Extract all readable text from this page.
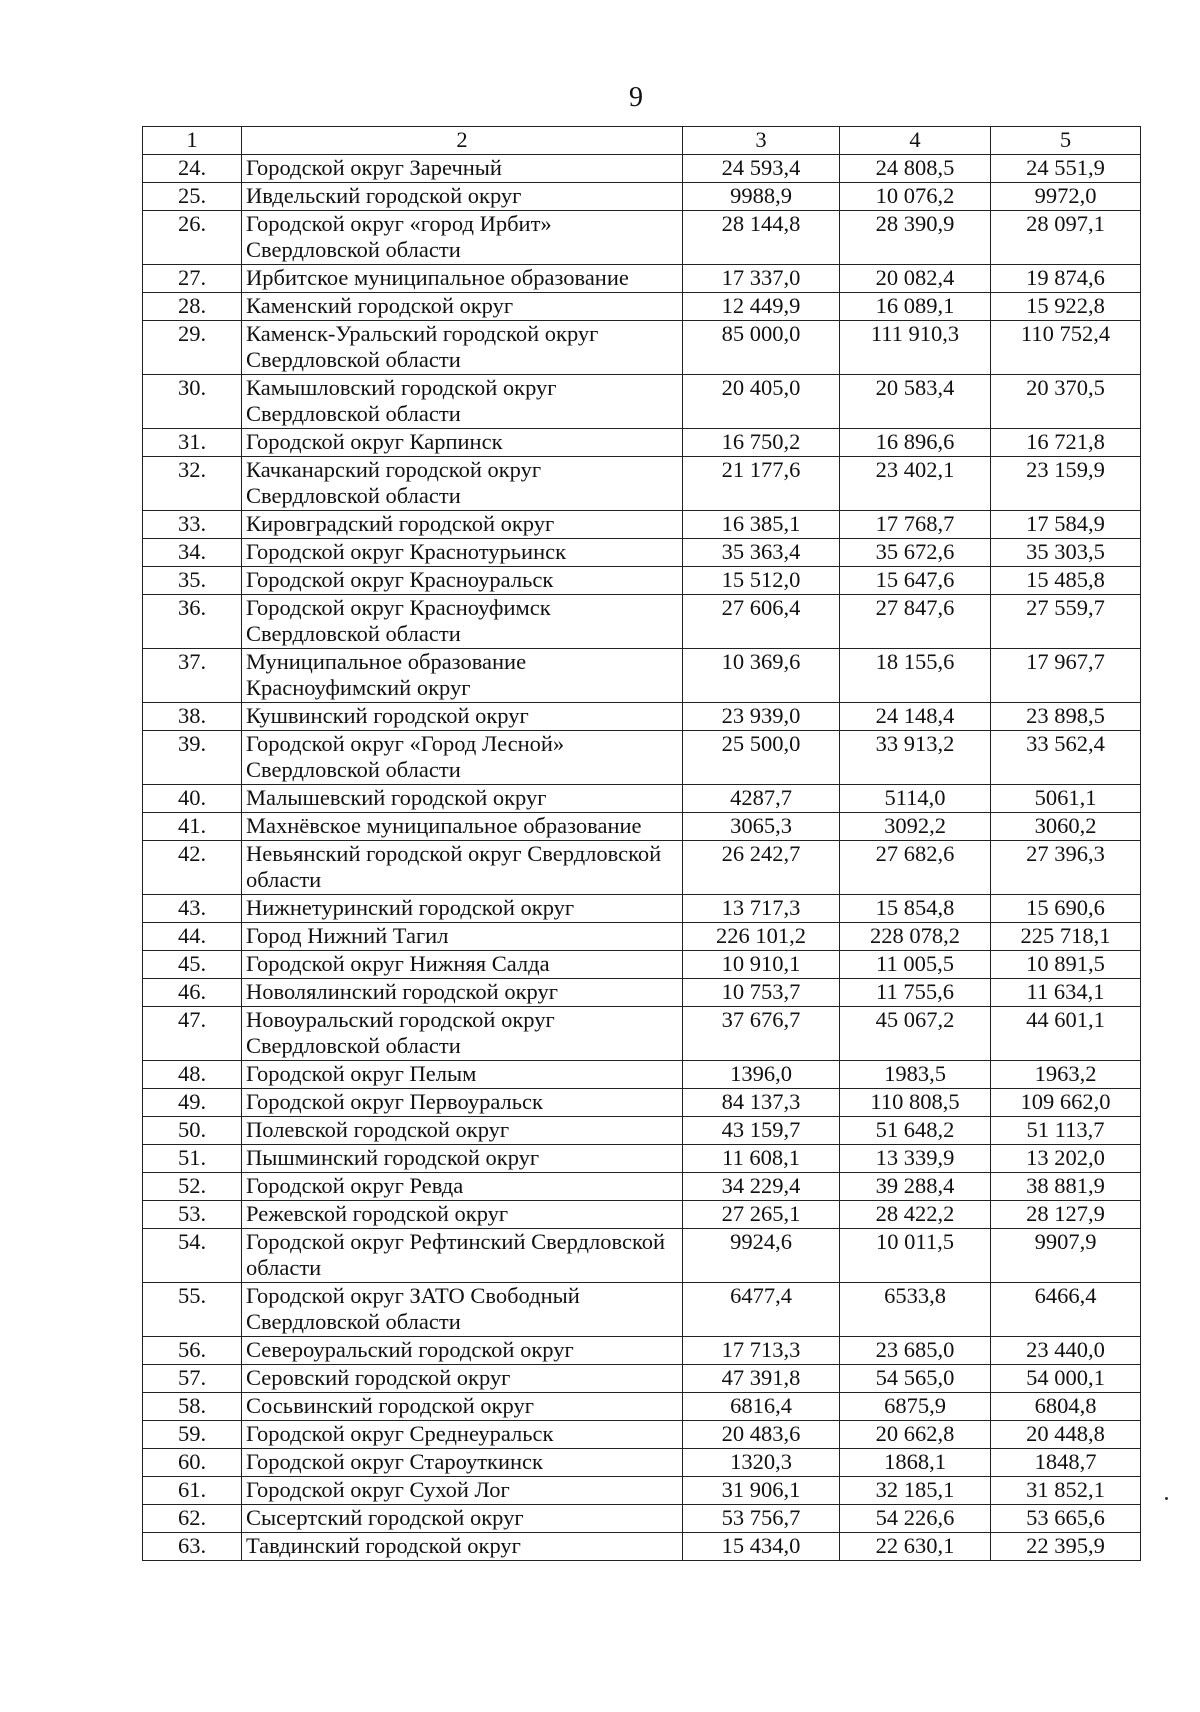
9
1	2	3	4	5
24.	Городской округ Заречный	24 593,4	24 808,5	24 551,9
25.	Ивдельский городской округ	9988,9	10 076,2	9972,0
26.	Городской округ «город Ирбит» Свердловской области	28 144,8	28 390,9	28 097,1
27.	Ирбитское муниципальное образование	17 337,0	20 082,4	19 874,6
28.	Каменский городской округ	12 449,9	16 089,1	15 922,8
29.	Каменск-Уральский городской округ Свердловской области	85 000,0	111 910,3	110 752,4
30.	Камышловский городской округ Свердловской области	20 405,0	20 583,4	20 370,5
31.	Городской округ Карпинск	16 750,2	16 896,6	16 721,8
32.	Качканарский городской округ Свердловской области	21 177,6	23 402,1	23 159,9
33.	Кировградский городской округ	16 385,1	17 768,7	17 584,9
34.	Городской округ Краснотурьинск	35 363,4	35 672,6	35 303,5
35.	Городской округ Красноуральск	15 512,0	15 647,6	15 485,8
36.	Городской округ Красноуфимск Свердловской области	27 606,4	27 847,6	27 559,7
37.	Муниципальное образование Красноуфимский округ	10 369,6	18 155,6	17 967,7
38.	Кушвинский городской округ	23 939,0	24 148,4	23 898,5
39.	Городской округ «Город Лесной» Свердловской области	25 500,0	33 913,2	33 562,4
40.	Малышевский городской округ	4287,7	5114,0	5061,1
41.	Махнёвское муниципальное образование	3065,3	3092,2	3060,2
42.	Невьянский городской округ Свердловской области	26 242,7	27 682,6	27 396,3
43.	Нижнетуринский городской округ	13 717,3	15 854,8	15 690,6
44.	Город Нижний Тагил	226 101,2	228 078,2	225 718,1
45.	Городской округ Нижняя Салда	10 910,1	11 005,5	10 891,5
46.	Новолялинский городской округ	10 753,7	11 755,6	11 634,1
47.	Новоуральский городской округ Свердловской области	37 676,7	45 067,2	44 601,1
48.	Городской округ Пелым	1396,0	1983,5	1963,2
49.	Городской округ Первоуральск	84 137,3	110 808,5	109 662,0
50.	Полевской городской округ	43 159,7	51 648,2	51 113,7
51.	Пышминский городской округ	11 608,1	13 339,9	13 202,0
52.	Городской округ Ревда	34 229,4	39 288,4	38 881,9
53.	Режевской городской округ	27 265,1	28 422,2	28 127,9
54.	Городской округ Рефтинский Свердловской области	9924,6	10 011,5	9907,9
55.	Городской округ ЗАТО Свободный Свердловской области	6477,4	6533,8	6466,4
56.	Североуральский городской округ	17 713,3	23 685,0	23 440,0
57.	Серовский городской округ	47 391,8	54 565,0	54 000,1
58.	Сосьвинский городской округ	6816,4	6875,9	6804,8
59.	Городской округ Среднеуральск	20 483,6	20 662,8	20 448,8
60.	Городской округ Староуткинск	1320,3	1868,1	1848,7
61.	Городской округ Сухой Лог	31 906,1	32 185,1	31 852,1
62.	Сысертский городской округ	53 756,7	54 226,6	53 665,6
63.	Тавдинский городской округ	15 434,0	22 630,1	22 395,9
